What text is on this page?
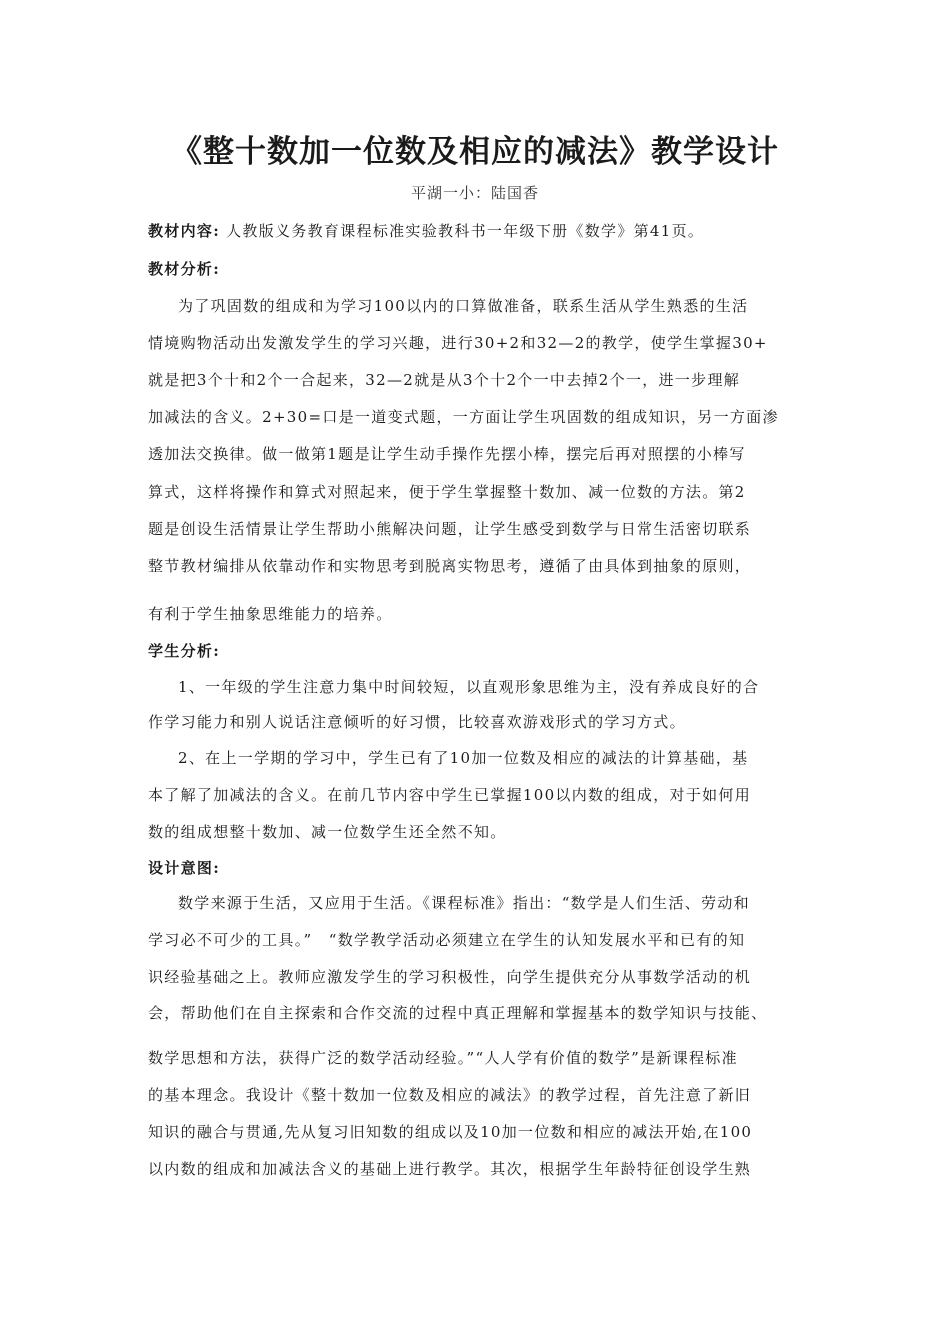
《整十数加一位数及相应的减法》教学设计
平湖一小：陆国香
教材内容: 人教版义务教育课程标准实验教科书一年级下册《数学》第41页。
教材分析:
为了巩固数的组成和为学习100以内的口算做准备，联系生活从学生熟悉的生活
情境购物活动出发激发学生的学习兴趣，进行30+2和32—2的教学，使学生掌握30+
就是把3个十和2个一合起来，32—2就是从3个十2个一中去掉2个一，进一步理解
加减法的含义。2+30=口是一道变式题，一方面让学生巩固数的组成知识，另一方面渗
透加法交换律。做一做第1题是让学生动手操作先摆小棒，摆完后再对照摆的小棒写
算式，这样将操作和算式对照起来，便于学生掌握整十数加、减一位数的方法。第2
题是创设生活情景让学生帮助小熊解决问题，让学生感受到数学与日常生活密切联系
整节教材编排从依靠动作和实物思考到脱离实物思考，遵循了由具体到抽象的原则，
有利于学生抽象思维能力的培养。
学生分析:
1、一年级的学生注意力集中时间较短，以直观形象思维为主，没有养成良好的合
作学习能力和别人说话注意倾听的好习惯，比较喜欢游戏形式的学习方式。
2、在上一学期的学习中，学生已有了10加一位数及相应的减法的计算基础，基
本了解了加减法的含义。在前几节内容中学生已掌握100以内数的组成，对于如何用
数的组成想整十数加、减一位数学生还全然不知。
设计意图:
数学来源于生活，又应用于生活。《课程标准》指出：“数学是人们生活、劳动和
学习必不可少的工具。”　“数学教学活动必须建立在学生的认知发展水平和已有的知
识经验基础之上。教师应激发学生的学习积极性，向学生提供充分从事数学活动的机
会，帮助他们在自主探索和合作交流的过程中真正理解和掌握基本的数学知识与技能、
数学思想和方法，获得广泛的数学活动经验。”“人人学有价值的数学”是新课程标准
的基本理念。我设计《整十数加一位数及相应的减法》的教学过程，首先注意了新旧
知识的融合与贯通,先从复习旧知数的组成以及10加一位数和相应的减法开始,在100
以内数的组成和加减法含义的基础上进行教学。其次，根据学生年龄特征创设学生熟
